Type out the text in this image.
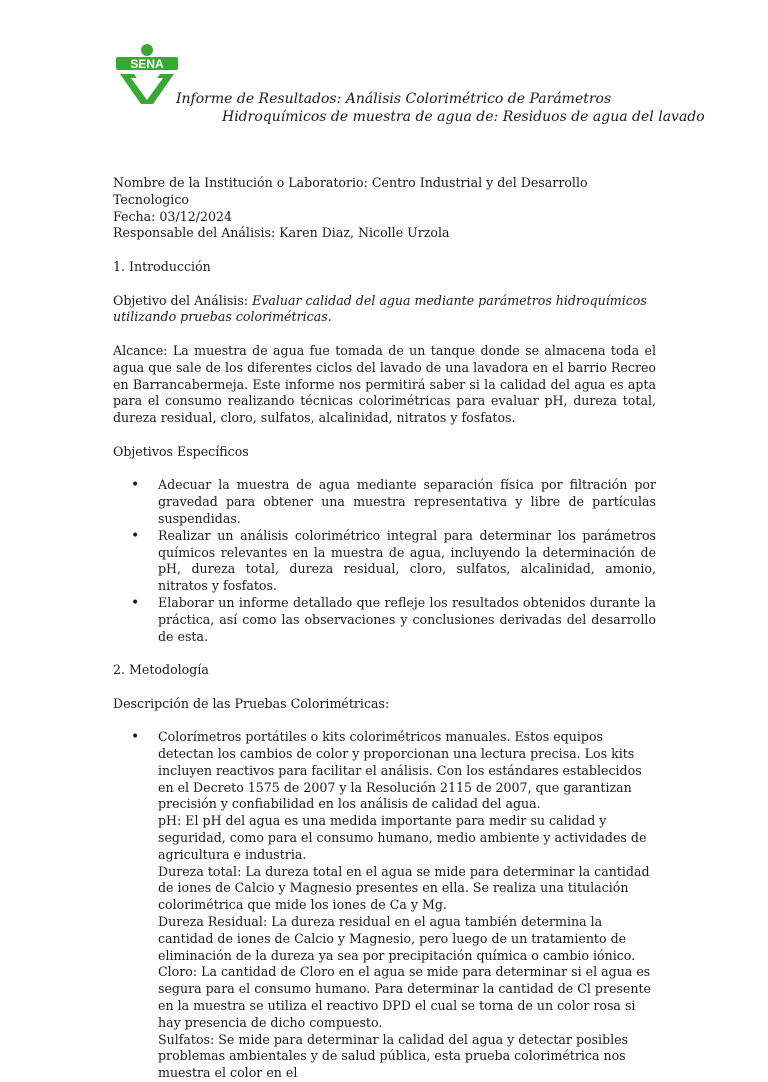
SENA
Informe de Resultados: Análisis Colorimétrico de Parámetros
Hidroquímicos de muestra de agua de: Residuos de agua del lavado

Nombre de la Institución o Laboratorio: Centro Industrial y del Desarrollo Tecnologico

Fecha: 03/12/2024

Responsable del Análisis: Karen Diaz, Nicolle Urzola

1. Introducción

Objetivo del Análisis: Evaluar calidad del agua mediante parámetros hidroquímicos utilizando pruebas colorimétricas.

Alcance: La muestra de agua fue tomada de un tanque donde se almacena toda el agua que sale de los diferentes ciclos del lavado de una lavadora en el barrio Recreo en Barrancabermeja. Este informe nos permitirá saber si la calidad del agua es apta para el consumo realizando técnicas colorimétricas para evaluar pH, dureza total, dureza residual, cloro, sulfatos, alcalinidad, nitratos y fosfatos.

Objetivos Específicos

• Adecuar la muestra de agua mediante separación física por filtración por gravedad para obtener una muestra representativa y libre de partículas suspendidas.
• Realizar un análisis colorimétrico integral para determinar los parámetros químicos relevantes en la muestra de agua, incluyendo la determinación de pH, dureza total, dureza residual, cloro, sulfatos, alcalinidad, amonio, nitratos y fosfatos.
• Elaborar un informe detallado que refleje los resultados obtenidos durante la práctica, así como las observaciones y conclusiones derivadas del desarrollo de esta.

2. Metodología

Descripción de las Pruebas Colorimétricas:

• Colorímetros portátiles o kits colorimétricos manuales. Estos equipos detectan los cambios de color y proporcionan una lectura precisa. Los kits incluyen reactivos para facilitar el análisis. Con los estándares establecidos en el Decreto 1575 de 2007 y la Resolución 2115 de 2007, que garantizan precisión y confiabilidad en los análisis de calidad del agua.
pH: El pH del agua es una medida importante para medir su calidad y seguridad, como para el consumo humano, medio ambiente y actividades de agricultura e industria.
Dureza total: La dureza total en el agua se mide para determinar la cantidad de iones de Calcio y Magnesio presentes en ella. Se realiza una titulación colorimétrica que mide los iones de Ca y Mg.
Dureza Residual: La dureza residual en el agua también determina la cantidad de iones de Calcio y Magnesio, pero luego de un tratamiento de eliminación de la dureza ya sea por precipitación química o cambio iónico.
Cloro: La cantidad de Cloro en el agua se mide para determinar si el agua es segura para el consumo humano. Para determinar la cantidad de Cl presente en la muestra se utiliza el reactivo DPD el cual se torna de un color rosa si hay presencia de dicho compuesto.
Sulfatos: Se mide para determinar la calidad del agua y detectar posibles problemas ambientales y de salud pública, esta prueba colorimétrica nos muestra el color en el
